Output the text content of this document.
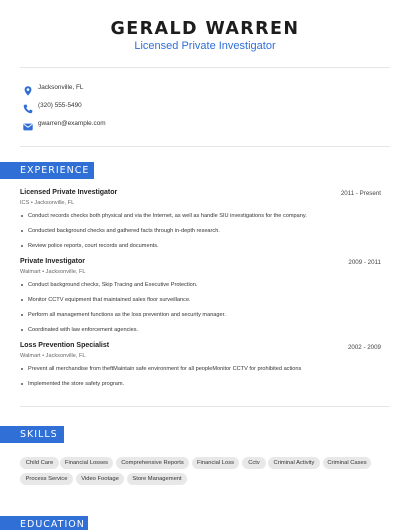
GERALD WARREN
Licensed Private Investigator
Jacksonville, FL
(320) 555-5490
gwarren@example.com
EXPERIENCE
Licensed Private Investigator	2011 - Present
ICS • Jacksonville, FL
Conduct records checks both physical and via the Internet, as well as handle SIU investigations for the company.
Conducted background checks and gathered facts through in-depth research.
Review police reports, court records and documents.
Private Investigator	2009 - 2011
Walmart • Jacksonville, FL
Conduct background checks, Skip Tracing and Executive Protection.
Monitor CCTV equipment that maintained sales floor surveillance.
Perform all management functions as the loss prevention and security manager.
Coordinated with law enforcement agencies.
Loss Prevention Specialist	2002 - 2009
Walmart • Jacksonville, FL
Prevent all merchandise from theftMaintain safe environment for all peopleMonitor CCTV for prohibited actions
Implemented the store safety program.
SKILLS
Child Care	Financial Losses	Comprehensive Reports	Financial Loss	Cctv	Criminal Activity	Criminal Cases
Process Service	Video Footage	Store Management
EDUCATION
